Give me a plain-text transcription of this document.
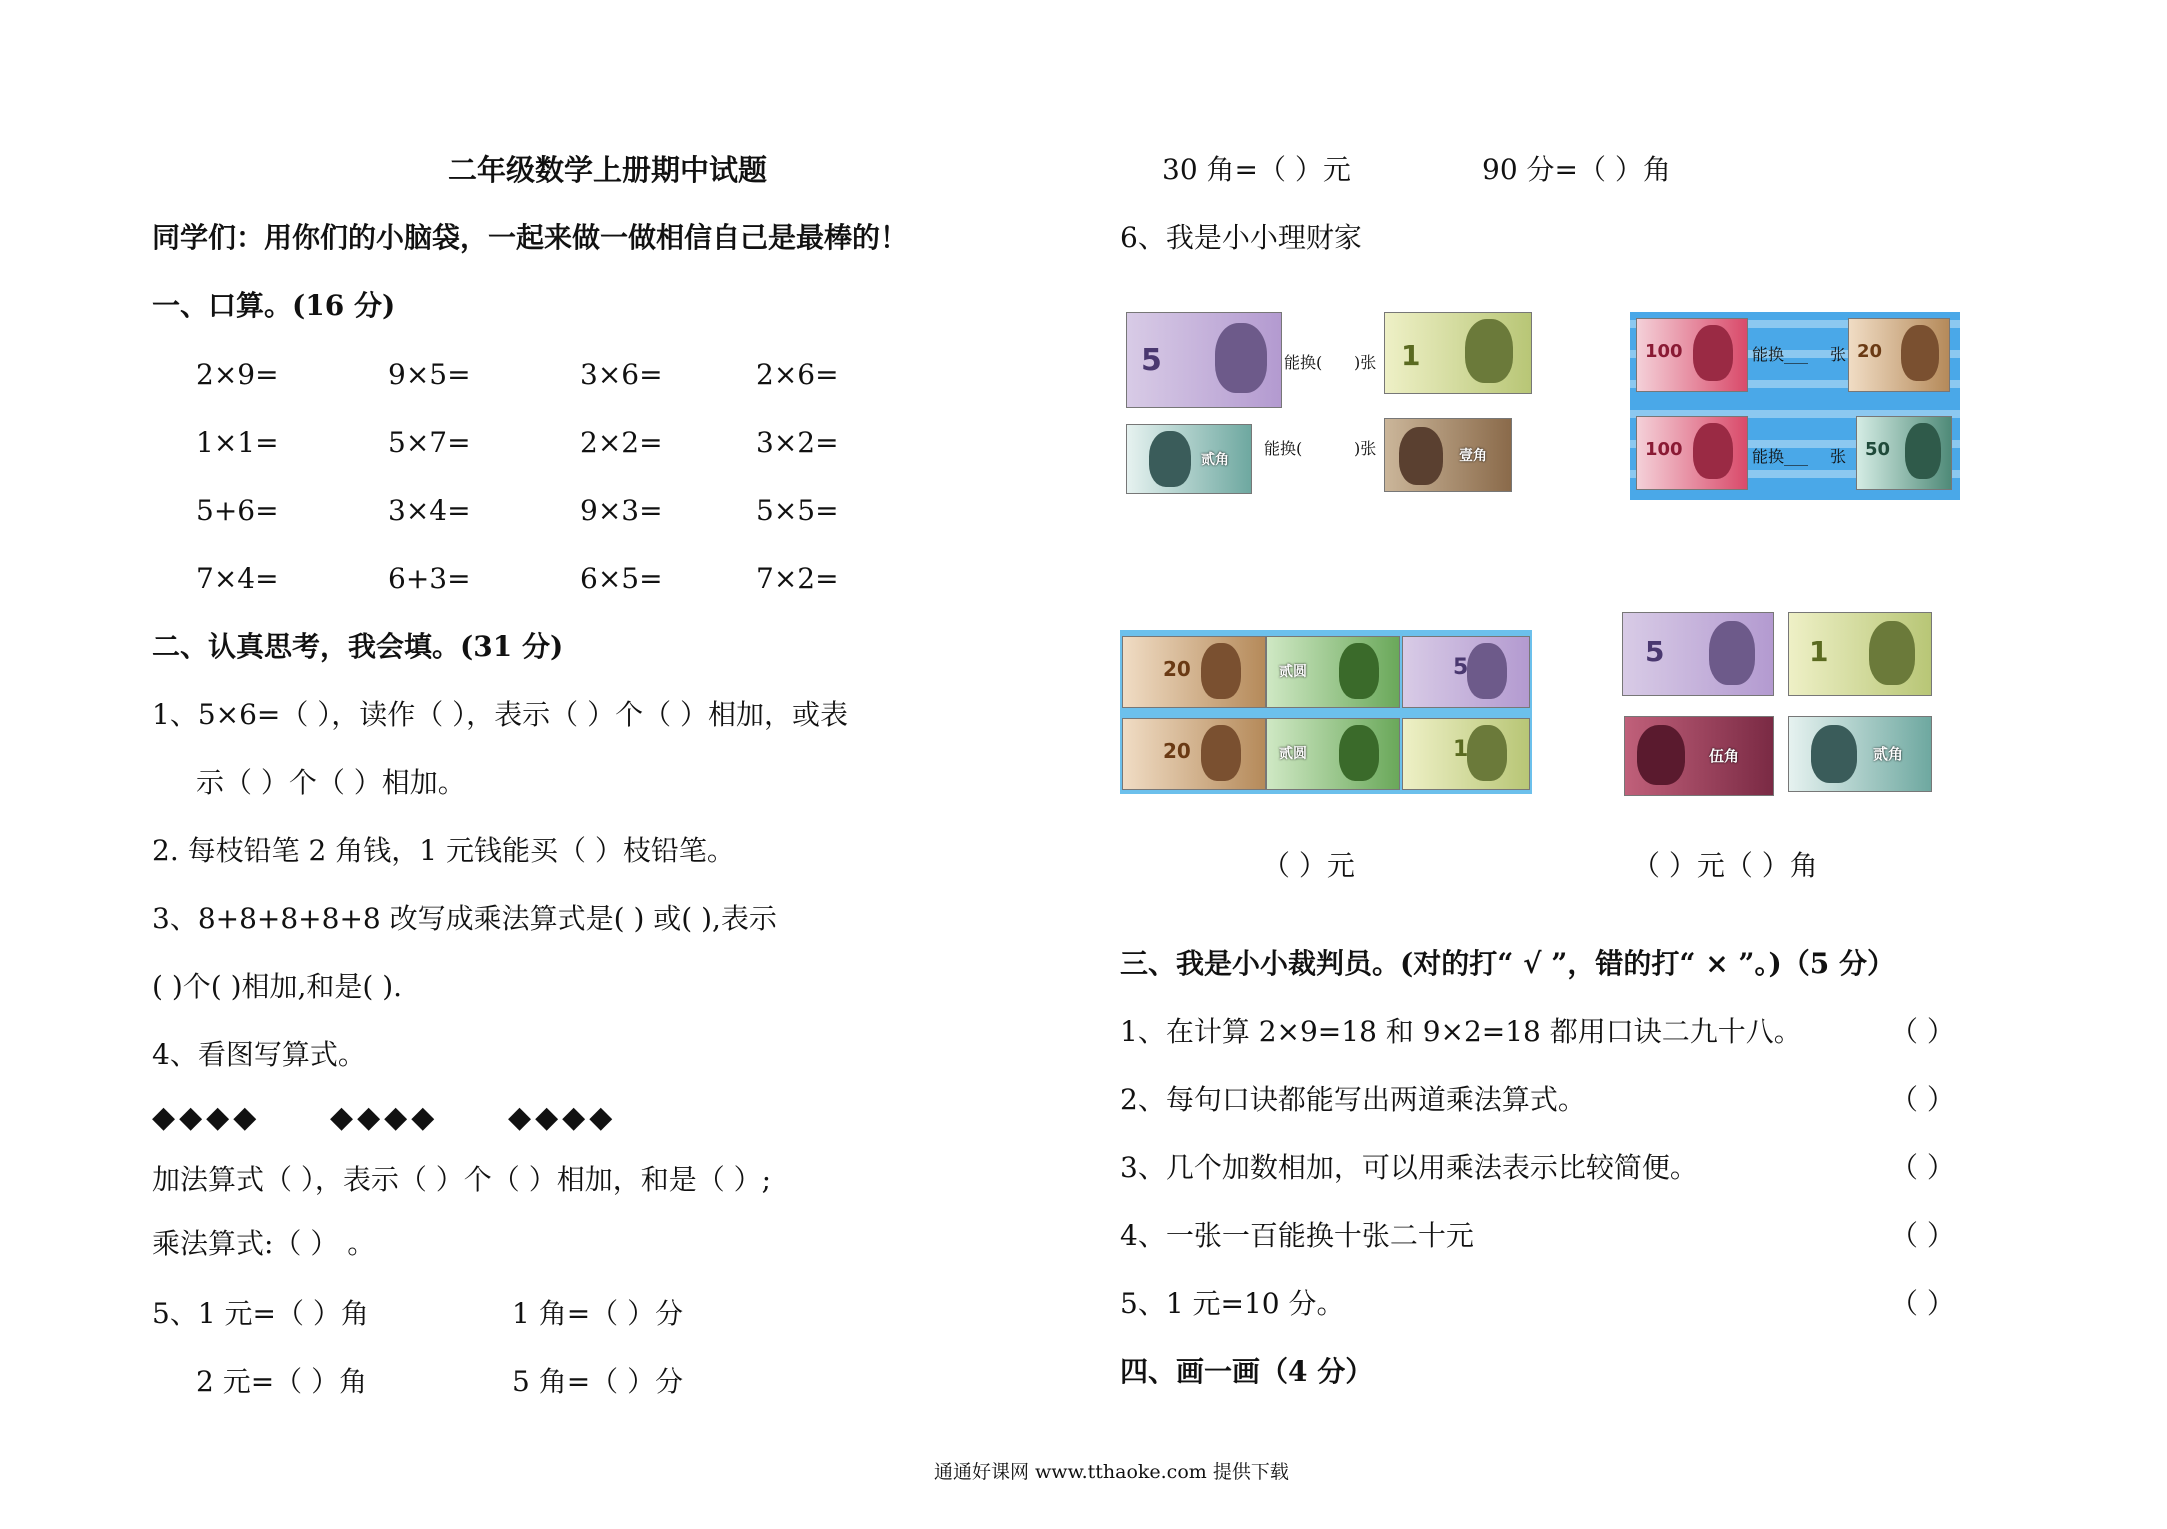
二年级数学上册期中试题
同学们：用你们的小脑袋，一起来做一做相信自己是最棒的！
一、口算。(16 分)
2×9=	9×5=	3×6=	2×6=
1×1=	5×7=	2×2=	3×2=
5+6=	3×4=	9×3=	5×5=
7×4=	6+3=	6×5=	7×2=
二、认真思考，我会填。(31 分)
1、5×6=（ ），读作（ ），表示（ ）个（ ）相加，或表
示（ ）个（ ）相加。
2. 每枝铅笔 2 角钱，1 元钱能买（ ）枝铅笔。
3、8+8+8+8+8 改写成乘法算式是( ) 或( ),表示
( )个( )相加,和是( ).
4、看图写算式。
◆◆◆◆ ◆◆◆◆ ◆◆◆◆
加法算式（ ），表示（ ）个（ ）相加，和是（ ）;
乘法算式:（ ） 。
5、1 元=（ ）角	1 角=（ ）分
2 元=（ ）角	5 角=（ ）分
30 角=（ ）元	90 分=（ ）角
6、我是小小理财家
5	能换( )张 1
贰角
能换(	)张	壹角
100	能换___ 张 20
100	能换___ 张 50
20	贰圆	5
20	贰圆	1
5	1
伍角	贰角
（ ）元	（ ）元（ ）角
三、我是小小裁判员。(对的打“ √ ”，错的打“ × ”。)（5 分）
1、在计算 2×9=18 和 9×2=18 都用口诀二九十八。	（ ）
2、每句口诀都能写出两道乘法算式。	（ ）
3、几个加数相加，可以用乘法表示比较简便。	（ ）
4、一张一百能换十张二十元	（ ）
5、1 元=10 分。	（ ）
四、画一画（4 分）
通通好课网 www.tthaoke.com 提供下载
